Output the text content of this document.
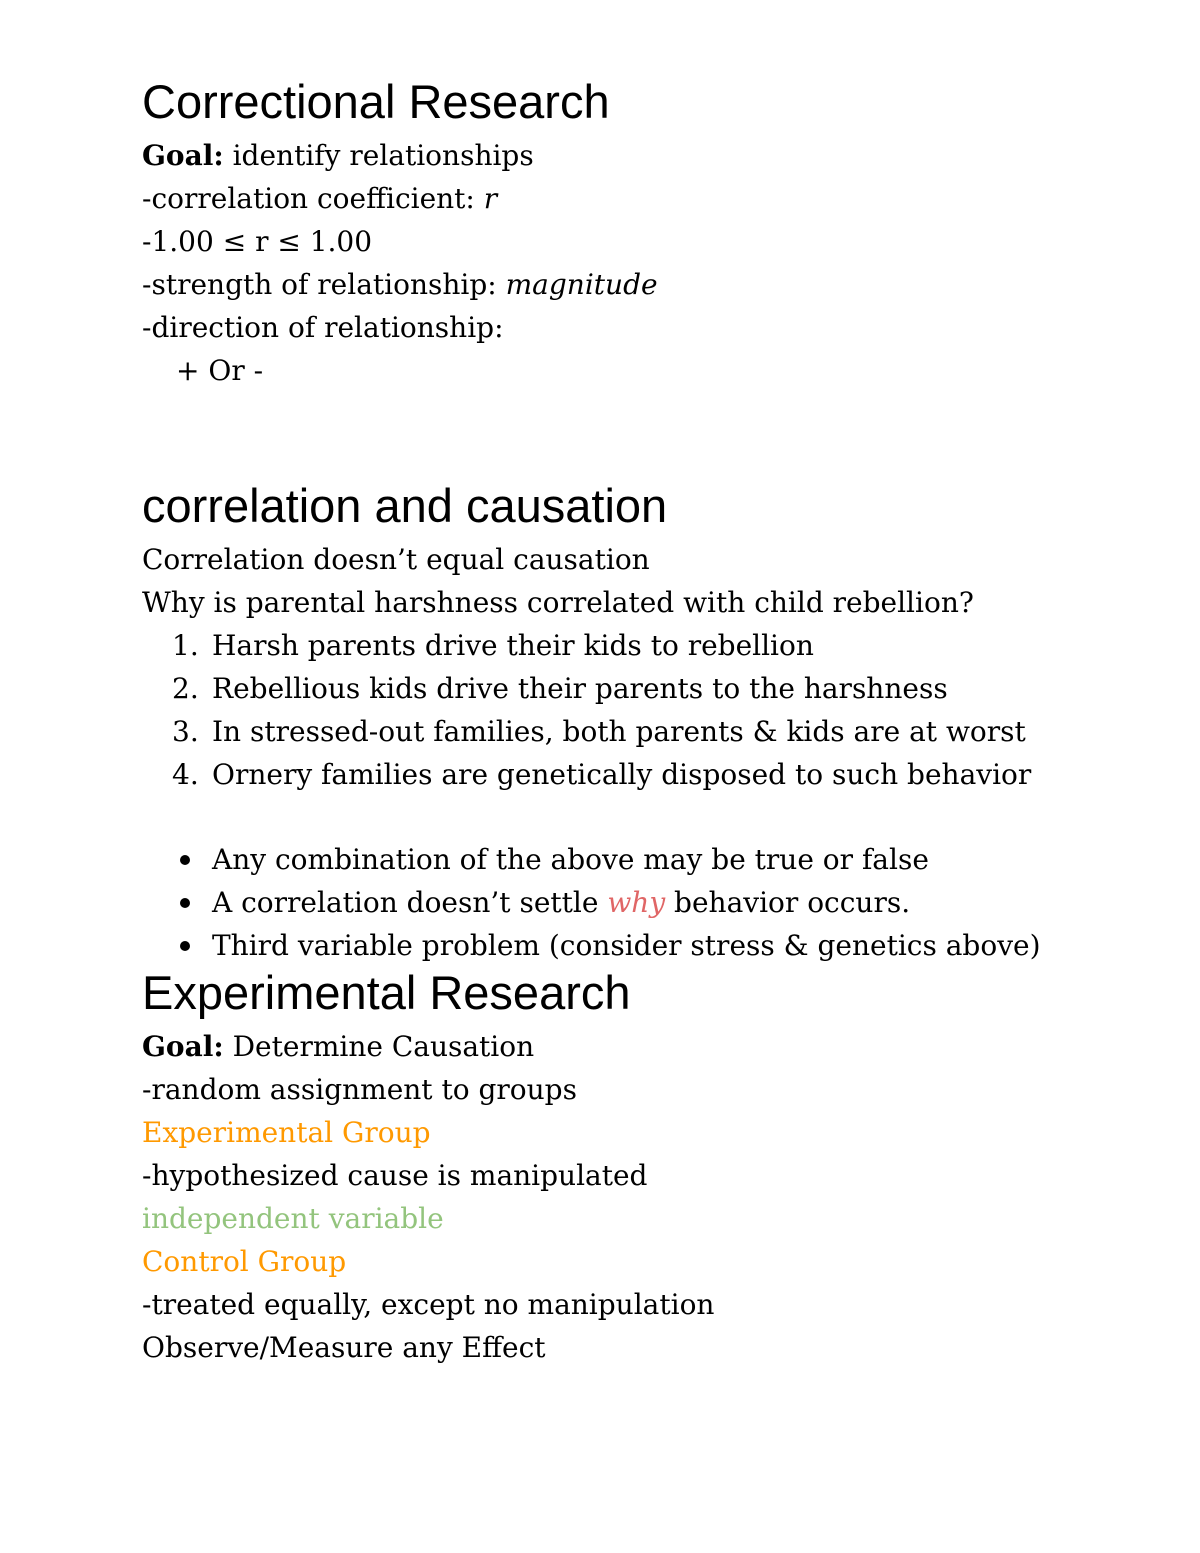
Correctional Research

Goal: identify relationships

-correlation coefficient: r

-1.00 ≤ r ≤ 1.00

-strength of relationship: magnitude

-direction of relationship:

+ Or -

correlation and causation

Correlation doesn’t equal causation

Why is parental harshness correlated with child rebellion?

1. Harsh parents drive their kids to rebellion
2. Rebellious kids drive their parents to the harshness
3. In stressed-out families, both parents & kids are at worst
4. Ornery families are genetically disposed to such behavior
Any combination of the above may be true or false
A correlation doesn’t settle why behavior occurs.
Third variable problem (consider stress & genetics above)
Experimental Research

Goal: Determine Causation

-random assignment to groups

Experimental Group

-hypothesized cause is manipulated

independent variable

Control Group

-treated equally, except no manipulation

Observe/Measure any Effect
